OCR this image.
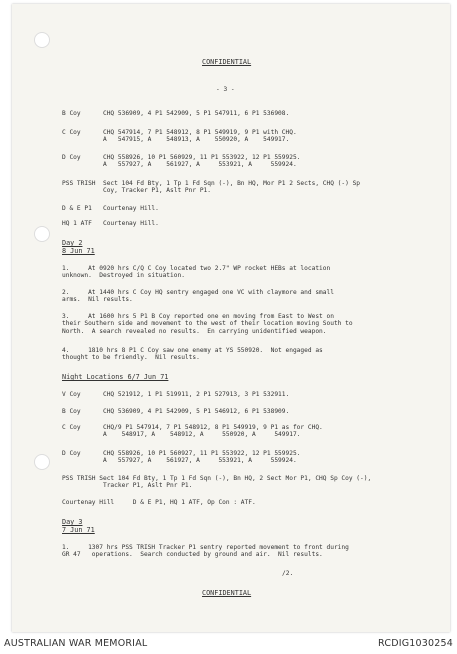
CONFIDENTIAL
- 3 -
B Coy      CHQ 536909, 4 P1 542909, 5 P1 547911, 6 P1 536908.
C Coy      CHQ 547914, 7 P1 548912, 8 P1 549919, 9 P1 with CHQ.
A   547915, A    548913, A    550920, A    549917.
D Coy      CHQ 558926, 10 P1 560929, 11 P1 553922, 12 P1 559925.
A   557927, A    561927, A     553921, A     559924.
PSS TRISH  Sect 104 Fd Bty, 1 Tp 1 Fd Sqn (-), Bn HQ, Mor P1 2 Sects, CHQ (-) Sp
Coy, Tracker P1, Aslt Pnr P1.
D & E P1   Courtenay Hill.
HQ 1 ATF   Courtenay Hill.
Day 2
8 Jun 71
1.     At 0920 hrs C/Q C Coy located two 2.7" WP rocket HEBs at location
unknown.  Destroyed in situation.
2.     At 1440 hrs C Coy HQ sentry engaged one VC with claymore and small
arms.  Nil results.
3.     At 1600 hrs 5 P1 B Coy reported one en moving from East to West on
their Southern side and movement to the west of their location moving South to
North.  A search revealed no results.  En carrying unidentified weapon.
4.     1810 hrs 8 P1 C Coy saw one enemy at YS 550920.  Not engaged as
thought to be friendly.  Nil results.
Night Locations 6/7 Jun 71
V Coy      CHQ 521912, 1 P1 519911, 2 P1 527913, 3 P1 532911.
B Coy      CHQ 536909, 4 P1 542909, 5 P1 546912, 6 P1 538909.
C Coy      CHQ/9 P1 547914, 7 P1 548912, 8 P1 549919, 9 P1 as for CHQ.
A    548917, A    548912, A     550920, A     549917.
D Coy      CHQ 558926, 10 P1 560927, 11 P1 553922, 12 P1 559925.
A   557927, A    561927, A     553921, A     559924.
PSS TRISH Sect 104 Fd Bty, 1 Tp 1 Fd Sqn (-), Bn HQ, 2 Sect Mor P1, CHQ Sp Coy (-),
Tracker P1, Aslt Pnr P1.
Courtenay Hill     D & E P1, HQ 1 ATF, Op Con : ATF.
Day 3
7 Jun 71
1.     1307 hrs PSS TRISH Tracker P1 sentry reported movement to front during
GR 47   operations.  Search conducted by ground and air.  Nil results.
/2.
CONFIDENTIAL
AUSTRALIAN WAR MEMORIAL	RCDIG1030254
